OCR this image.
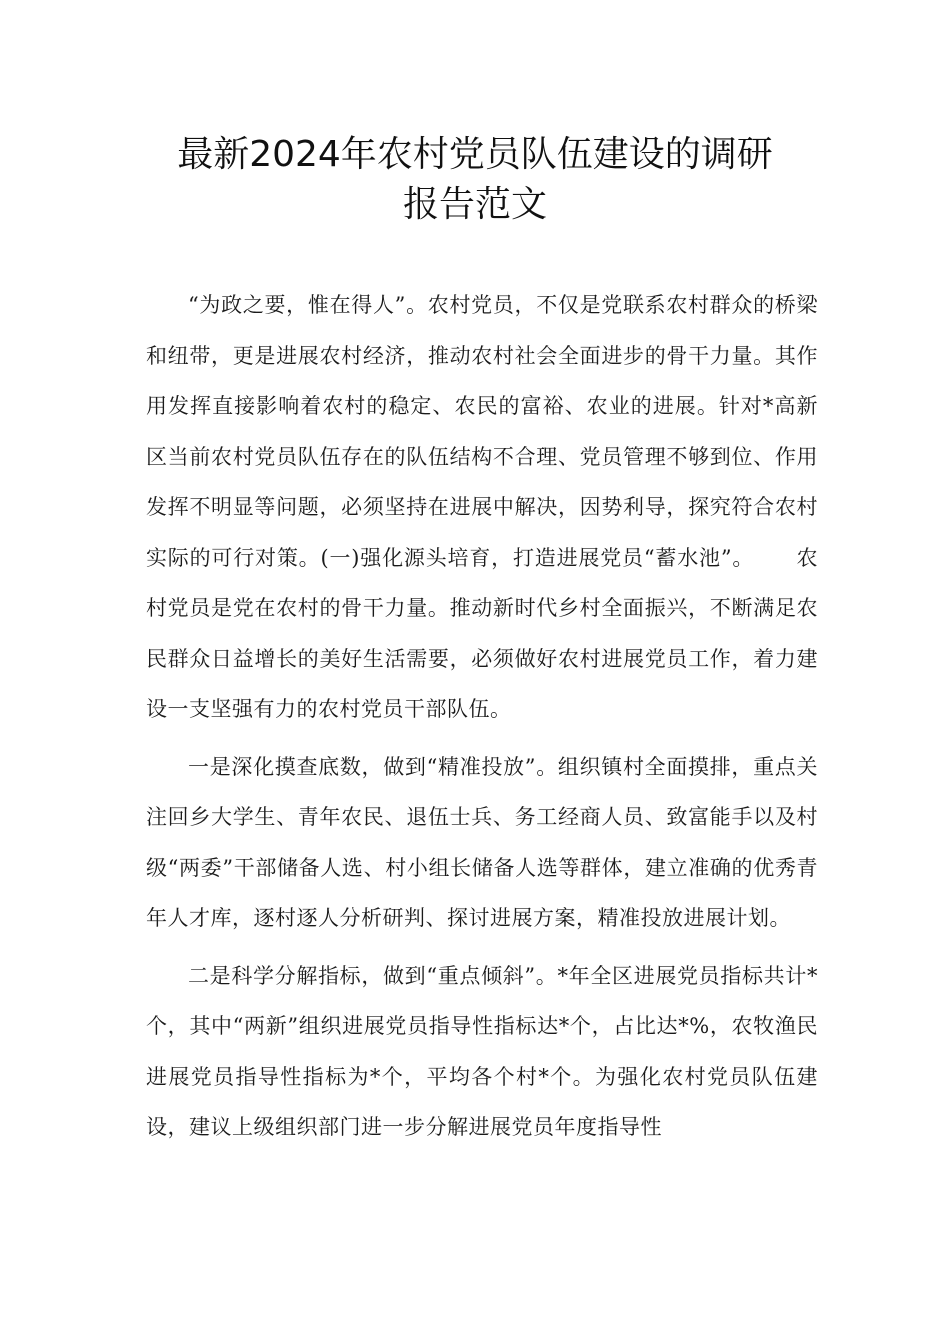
最新2024年农村党员队伍建设的调研
报告范文

“为政之要，惟在得人”。农村党员，不仅是党联系农村群众的桥梁和纽带，更是进展农村经济，推动农村社会全面进步的骨干力量。其作用发挥直接影响着农村的稳定、农民的富裕、农业的进展。针对*高新区当前农村党员队伍存在的队伍结构不合理、党员管理不够到位、作用发挥不明显等问题，必须坚持在进展中解决，因势利导，探究符合农村实际的可行对策。(一)强化源头培育，打造进展党员“蓄水池”。 农村党员是党在农村的骨干力量。推动新时代乡村全面振兴，不断满足农民群众日益增长的美好生活需要，必须做好农村进展党员工作，着力建设一支坚强有力的农村党员干部队伍。

一是深化摸查底数，做到“精准投放”。组织镇村全面摸排，重点关注回乡大学生、青年农民、退伍士兵、务工经商人员、致富能手以及村级“两委”干部储备人选、村小组长储备人选等群体，建立准确的优秀青年人才库，逐村逐人分析研判、探讨进展方案，精准投放进展计划。

二是科学分解指标，做到“重点倾斜”。*年全区进展党员指标共计*个，其中“两新”组织进展党员指导性指标达*个，占比达*%，农牧渔民进展党员指导性指标为*个，平均各个村*个。为强化农村党员队伍建设，建议上级组织部门进一步分解进展党员年度指导性
